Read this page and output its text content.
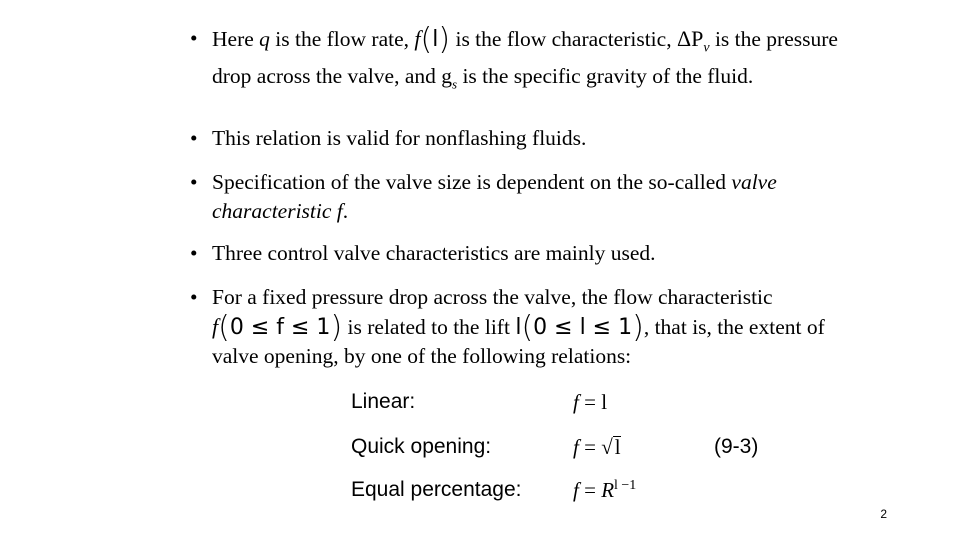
• Here q is the flow rate, f(l) is the flow characteristic, $\Delta P_v$ is the pressure drop across the valve, and $g_s$ is the specific gravity of the fluid.
• This relation is valid for nonflashing fluids.
• Specification of the valve size is dependent on the so-called valve characteristic f.
• Three control valve characteristics are mainly used.
• For a fixed pressure drop across the valve, the flow characteristic f(0 ≤ f ≤ 1) is related to the lift l(0 ≤ l ≤ 1), that is, the extent of valve opening, by one of the following relations:
Linear:	f = l
Quick opening:	f = √l	(9-3)
Equal percentage: $f = R^{l -1}$
2
